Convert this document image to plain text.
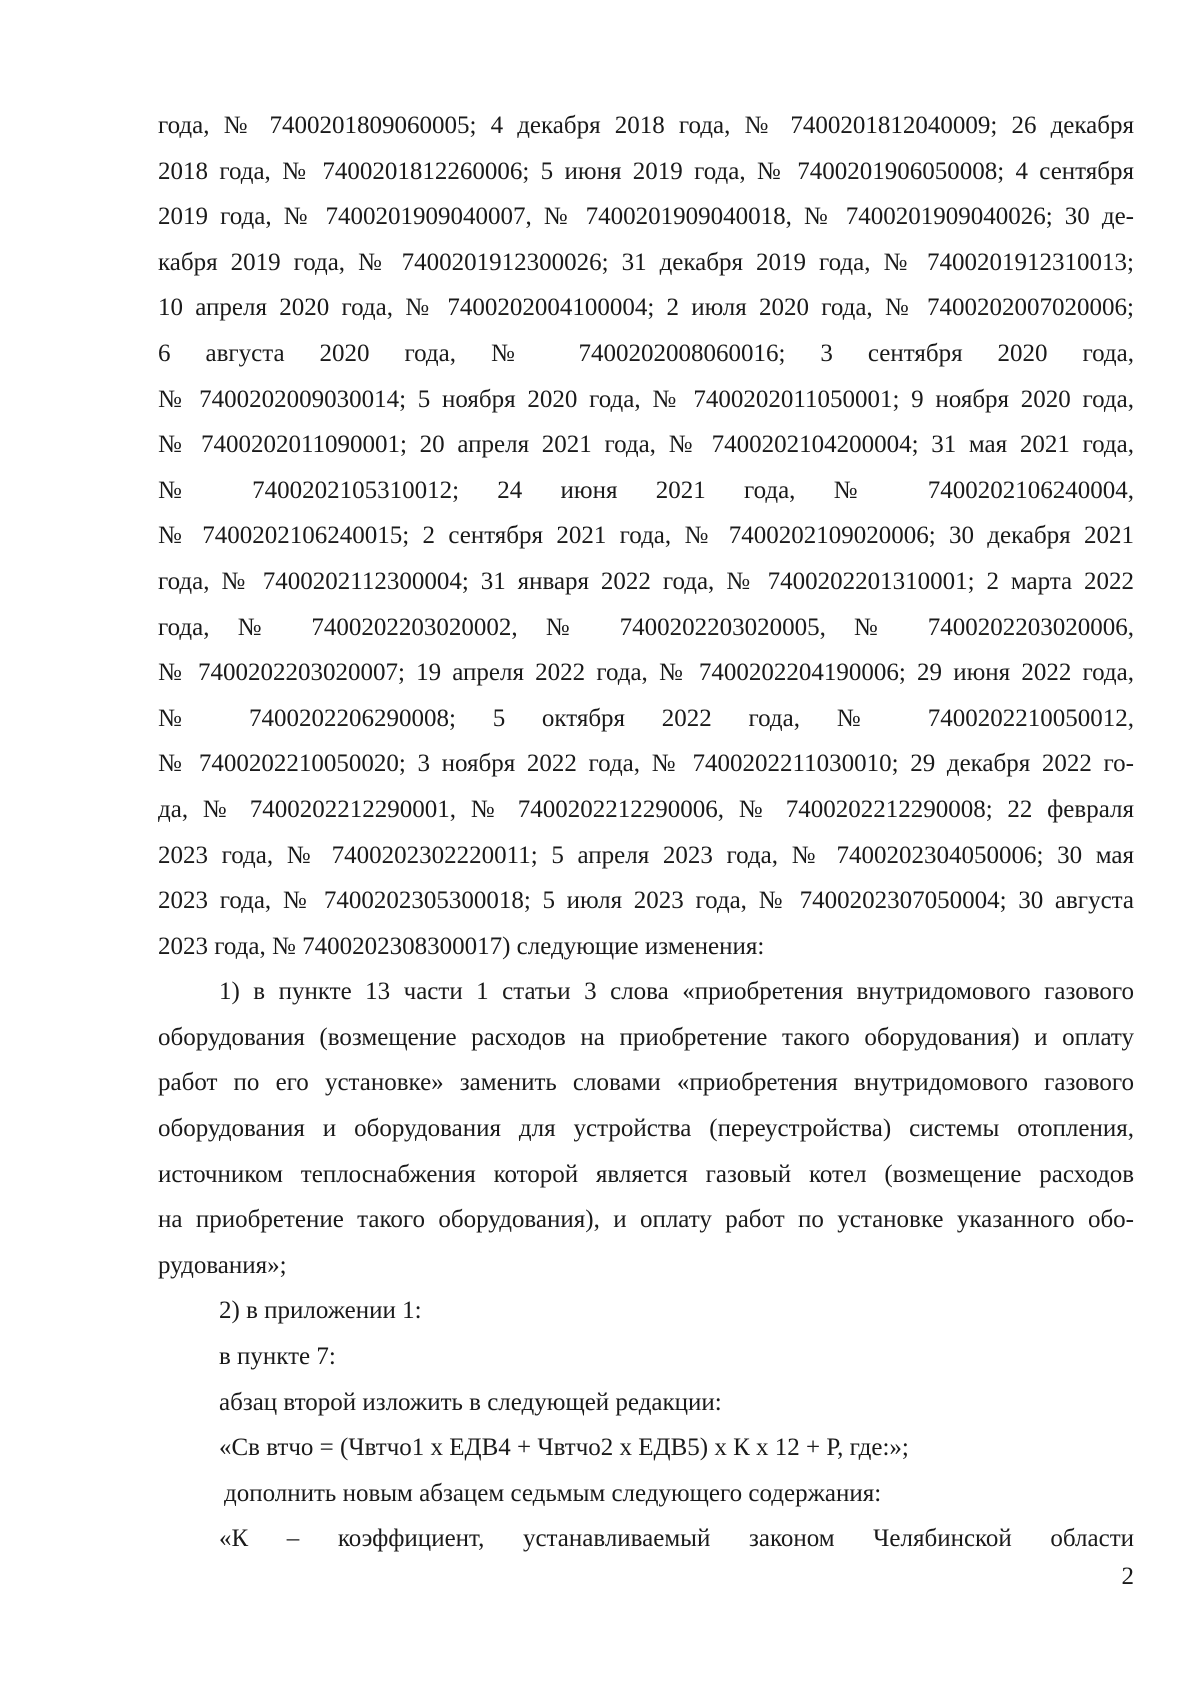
года, № 7400201809060005; 4 декабря 2018 года, № 7400201812040009; 26 декабря
2018 года, № 7400201812260006; 5 июня 2019 года, № 7400201906050008; 4 сентября
2019 года, № 7400201909040007, № 7400201909040018, № 7400201909040026; 30 де-
кабря 2019 года, № 7400201912300026; 31 декабря 2019 года, № 7400201912310013;
10 апреля 2020 года, № 7400202004100004; 2 июля 2020 года, № 7400202007020006;
6 августа 2020 года, № 7400202008060016; 3 сентября 2020 года,
№ 7400202009030014; 5 ноября 2020 года, № 7400202011050001; 9 ноября 2020 года,
№ 7400202011090001; 20 апреля 2021 года, № 7400202104200004; 31 мая 2021 года,
№ 7400202105310012; 24 июня 2021 года, № 7400202106240004,
№ 7400202106240015; 2 сентября 2021 года, № 7400202109020006; 30 декабря 2021
года, № 7400202112300004; 31 января 2022 года, № 7400202201310001; 2 марта 2022
года, № 7400202203020002, № 7400202203020005, № 7400202203020006,
№ 7400202203020007; 19 апреля 2022 года, № 7400202204190006; 29 июня 2022 года,
№ 7400202206290008; 5 октября 2022 года, № 7400202210050012,
№ 7400202210050020; 3 ноября 2022 года, № 7400202211030010; 29 декабря 2022 го-
да, № 7400202212290001, № 7400202212290006, № 7400202212290008; 22 февраля
2023 года, № 7400202302220011; 5 апреля 2023 года, № 7400202304050006; 30 мая
2023 года, № 7400202305300018; 5 июля 2023 года, № 7400202307050004; 30 августа
2023 года, № 7400202308300017) следующие изменения:
1) в пункте 13 части 1 статьи 3 слова «приобретения внутридомового газового
оборудования (возмещение расходов на приобретение такого оборудования) и оплату
работ по его установке» заменить словами «приобретения внутридомового газового
оборудования и оборудования для устройства (переустройства) системы отопления,
источником теплоснабжения которой является газовый котел (возмещение расходов
на приобретение такого оборудования), и оплату работ по установке указанного обо-
рудования»;
2) в приложении 1:
в пункте 7:
абзац второй изложить в следующей редакции:
«Св втчо = (Чвтчо1 х ЕДВ4 + Чвтчо2 х ЕДВ5) х К х 12 + Р, где:»;
дополнить новым абзацем седьмым следующего содержания:
«К – коэффициент, устанавливаемый законом Челябинской области
2
